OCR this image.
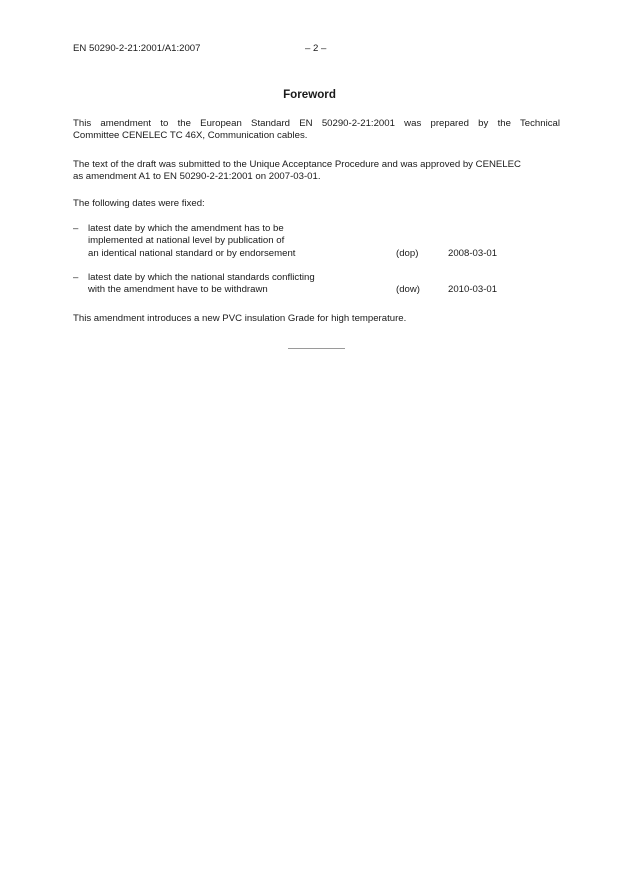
EN 50290-2-21:2001/A1:2007	– 2 –
Foreword
This amendment to the European Standard EN 50290-2-21:2001 was prepared by the Technical
Committee CENELEC TC 46X, Communication cables.
The text of the draft was submitted to the Unique Acceptance Procedure and was approved by CENELEC
as amendment A1 to EN 50290-2-21:2001 on 2007-03-01.
The following dates were fixed:
– latest date by which the amendment has to be
implemented at national level by publication of
an identical national standard or by endorsement	(dop)	2008-03-01
– latest date by which the national standards conflicting
with the amendment have to be withdrawn	(dow)	2010-03-01
This amendment introduces a new PVC insulation Grade for high temperature.
